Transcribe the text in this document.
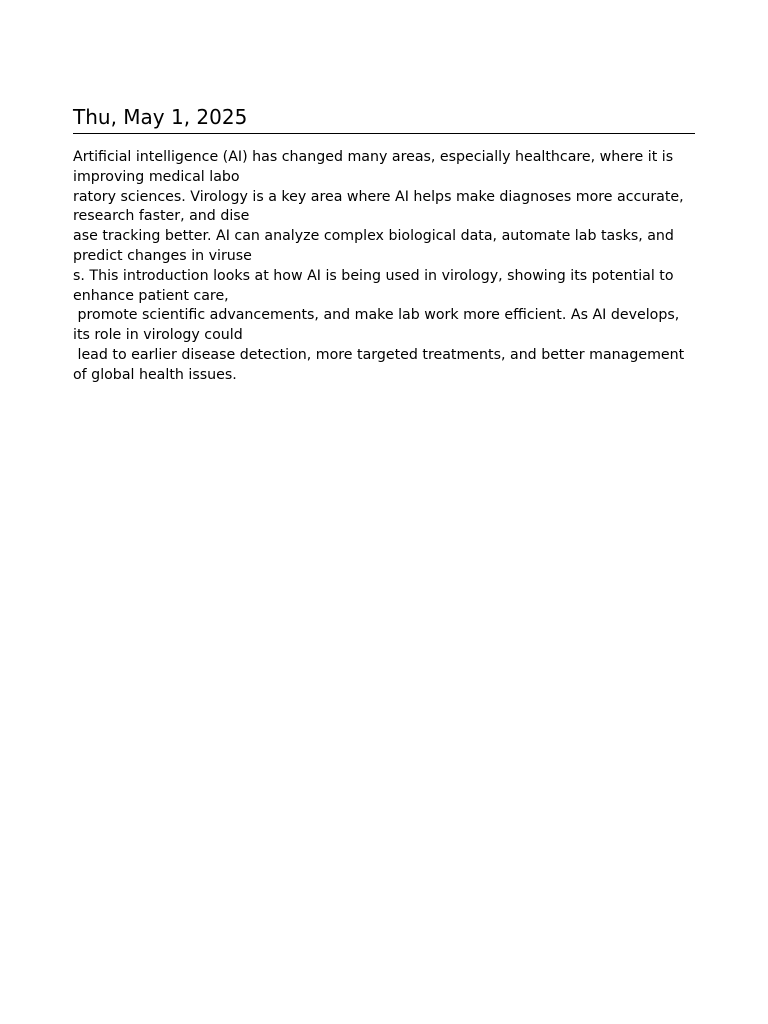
Thu, May 1, 2025
Artificial intelligence (AI) has changed many areas, especially healthcare, where it is improving medical labo
ratory sciences. Virology is a key area where AI helps make diagnoses more accurate, research faster, and dise
ase tracking better. AI can analyze complex biological data, automate lab tasks, and predict changes in viruse
s. This introduction looks at how AI is being used in virology, showing its potential to enhance patient care,
promote scientific advancements, and make lab work more efficient. As AI develops, its role in virology could
lead to earlier disease detection, more targeted treatments, and better management of global health issues.
